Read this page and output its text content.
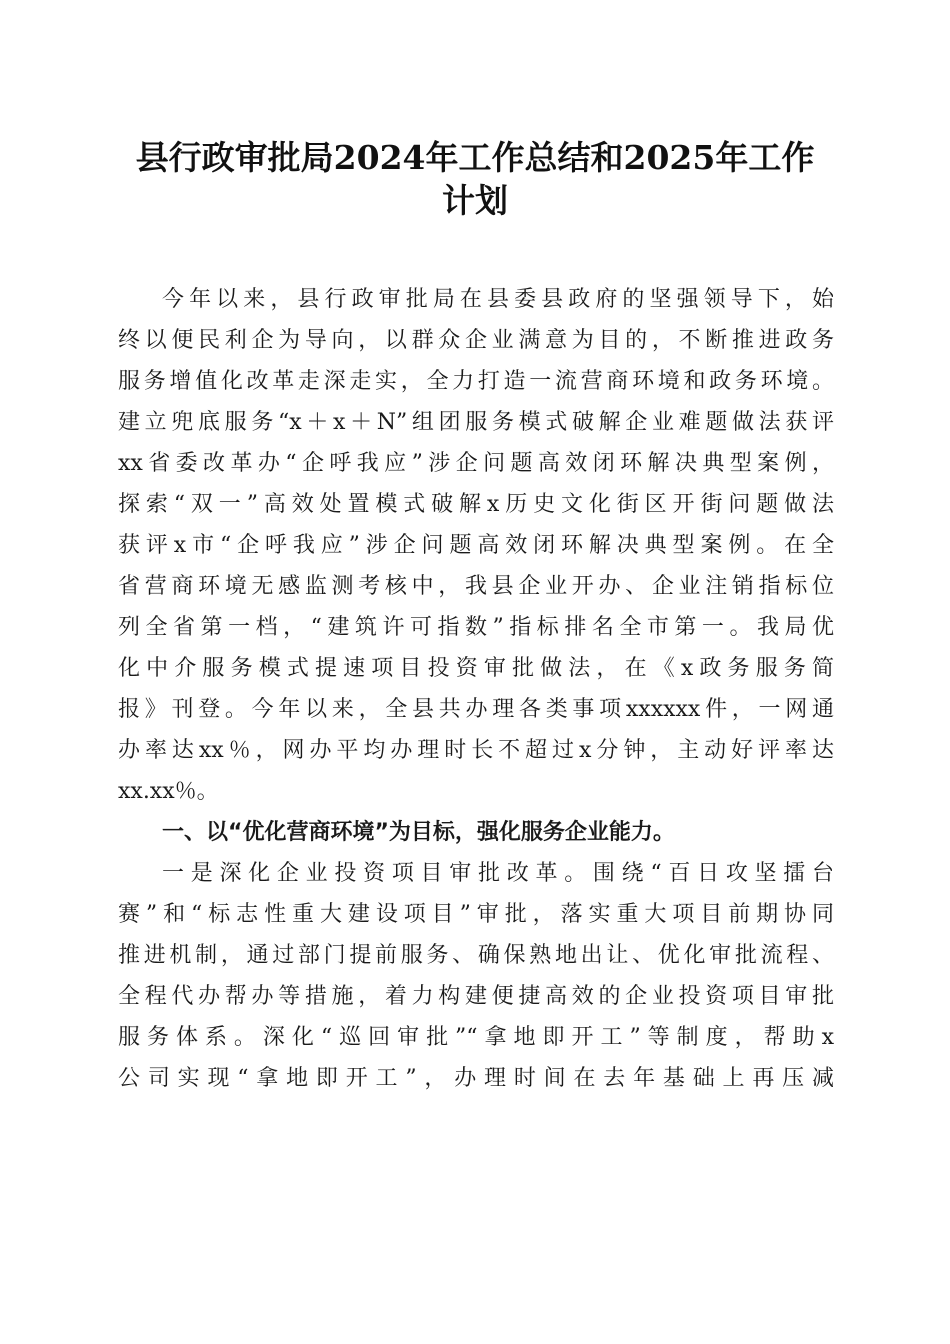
县行政审批局2024年工作总结和2025年工作
计划
今年以来，县行政审批局在县委县政府的坚强领导下，始
终以便民利企为导向，以群众企业满意为目的，不断推进政务
服务增值化改革走深走实，全力打造一流营商环境和政务环境。
建立兜底服务“x＋x＋N”组团服务模式破解企业难题做法获评
xx省委改革办“企呼我应”涉企问题高效闭环解决典型案例，
探索“双一”高效处置模式破解x历史文化街区开街问题做法
获评x市“企呼我应”涉企问题高效闭环解决典型案例。在全
省营商环境无感监测考核中，我县企业开办、企业注销指标位
列全省第一档，“建筑许可指数”指标排名全市第一。我局优
化中介服务模式提速项目投资审批做法，在《x政务服务简
报》刊登。今年以来，全县共办理各类事项xxxxxx件，一网通
办率达xx％，网办平均办理时长不超过x分钟，主动好评率达
xx.xx％。
一、以“优化营商环境”为目标，强化服务企业能力。
一是深化企业投资项目审批改革。围绕“百日攻坚擂台
赛”和“标志性重大建设项目”审批，落实重大项目前期协同
推进机制，通过部门提前服务、确保熟地出让、优化审批流程、
全程代办帮办等措施，着力构建便捷高效的企业投资项目审批
服务体系。深化“巡回审批”“拿地即开工”等制度，帮助x
公司实现“拿地即开工”，办理时间在去年基础上再压减
